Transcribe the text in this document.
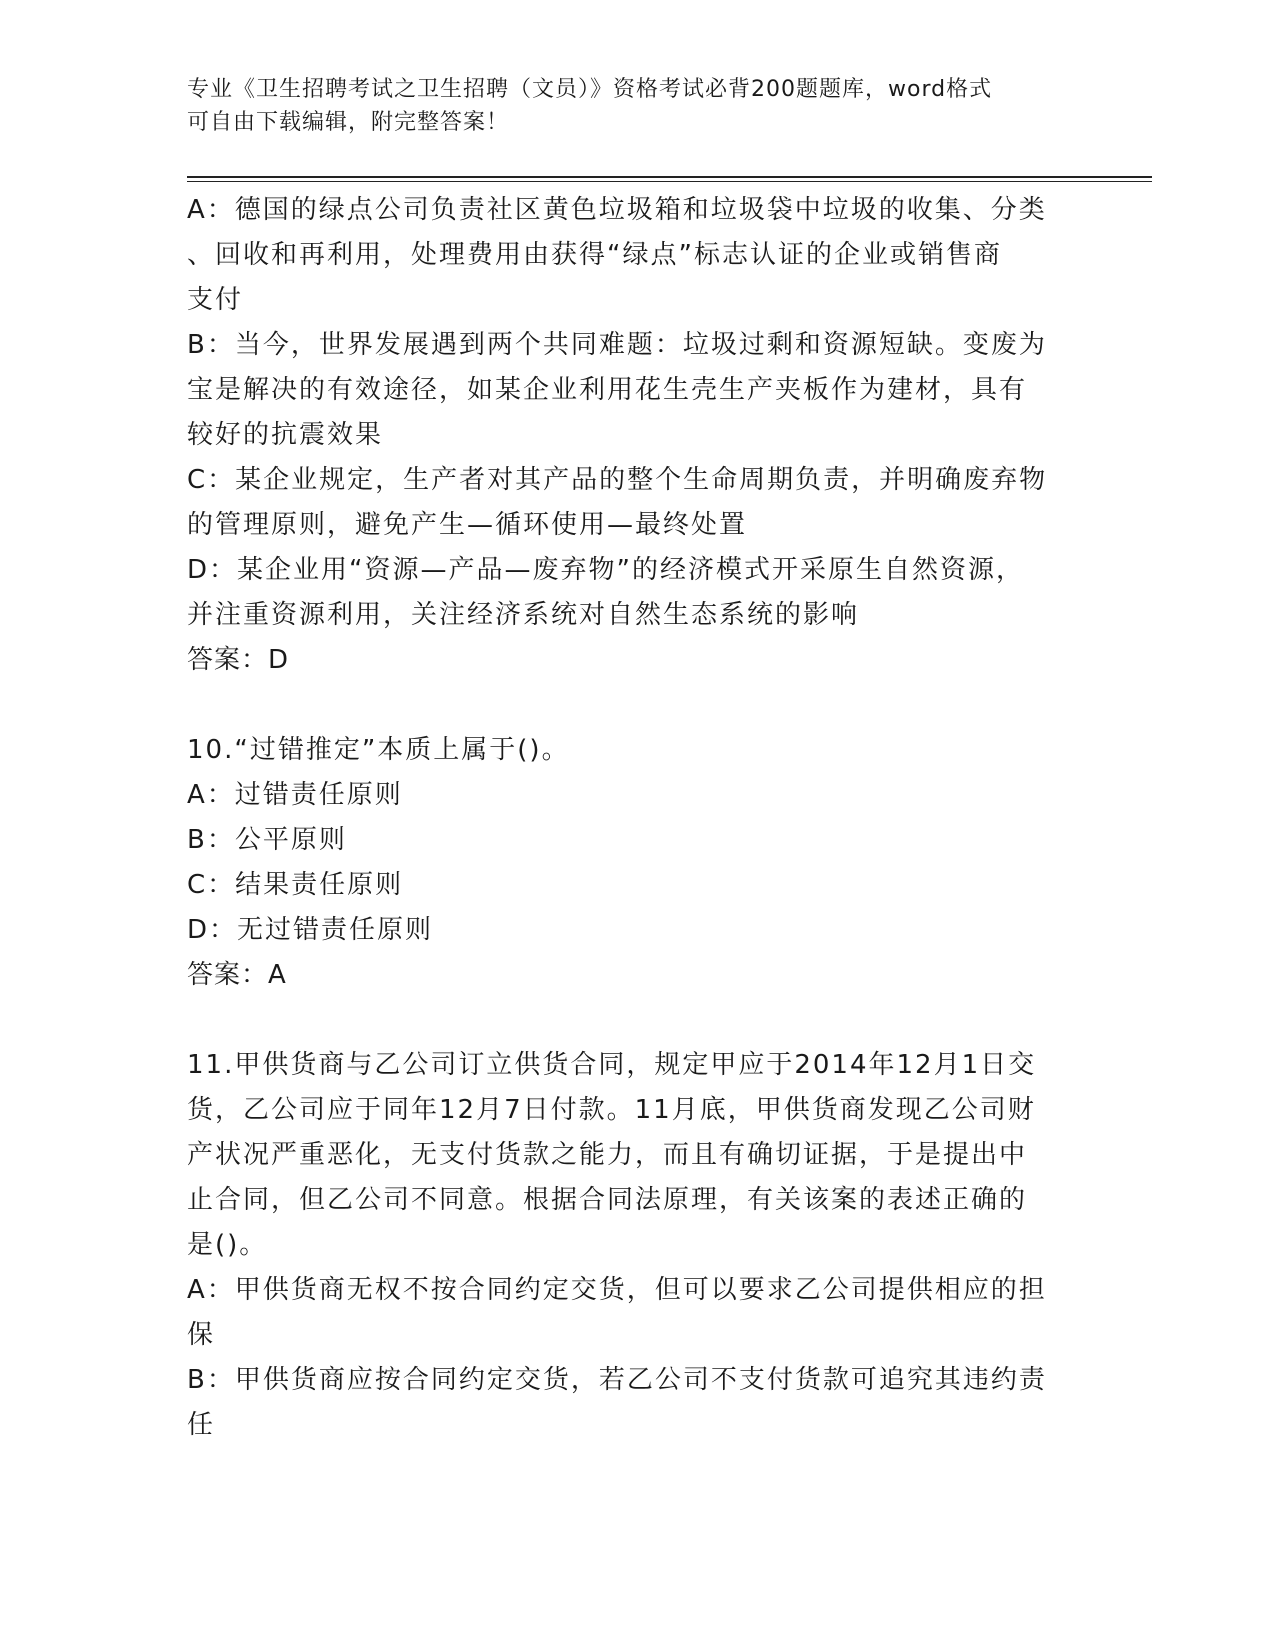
专业《卫生招聘考试之卫生招聘（文员）》资格考试必背200题题库，word格式
可自由下载编辑，附完整答案！
A：德国的绿点公司负责社区黄色垃圾箱和垃圾袋中垃圾的收集、分类
、回收和再利用，处理费用由获得“绿点”标志认证的企业或销售商
支付
B：当今，世界发展遇到两个共同难题：垃圾过剩和资源短缺。变废为
宝是解决的有效途径，如某企业利用花生壳生产夹板作为建材，具有
较好的抗震效果
C：某企业规定，生产者对其产品的整个生命周期负责，并明确废弃物
的管理原则，避免产生—循环使用—最终处置
D：某企业用“资源—产品—废弃物”的经济模式开采原生自然资源，
并注重资源利用，关注经济系统对自然生态系统的影响
答案：D
10.“过错推定”本质上属于()。
A：过错责任原则
B：公平原则
C：结果责任原则
D：无过错责任原则
答案：A
11.甲供货商与乙公司订立供货合同，规定甲应于2014年12月1日交
货，乙公司应于同年12月7日付款。11月底，甲供货商发现乙公司财
产状况严重恶化，无支付货款之能力，而且有确切证据，于是提出中
止合同，但乙公司不同意。根据合同法原理，有关该案的表述正确的
是()。
A：甲供货商无权不按合同约定交货，但可以要求乙公司提供相应的担
保
B：甲供货商应按合同约定交货，若乙公司不支付货款可追究其违约责
任
